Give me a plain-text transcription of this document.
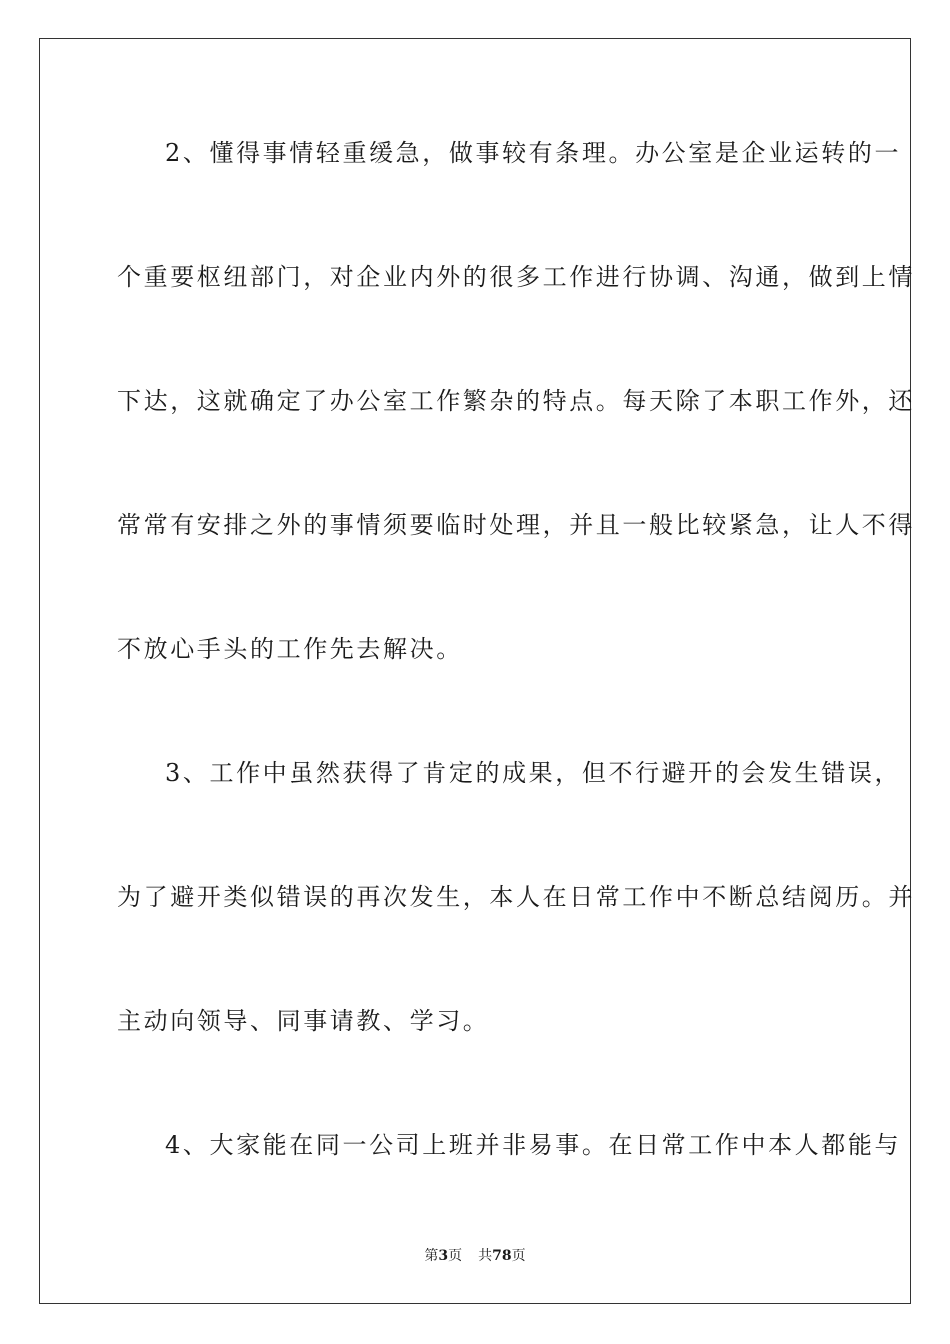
2、懂得事情轻重缓急，做事较有条理。办公室是企业运转的一
个重要枢纽部门，对企业内外的很多工作进行协调、沟通，做到上情
下达，这就确定了办公室工作繁杂的特点。每天除了本职工作外，还
常常有安排之外的事情须要临时处理，并且一般比较紧急，让人不得
不放心手头的工作先去解决。
3、工作中虽然获得了肯定的成果，但不行避开的会发生错误，
为了避开类似错误的再次发生，本人在日常工作中不断总结阅历。并
主动向领导、同事请教、学习。
4、大家能在同一公司上班并非易事。在日常工作中本人都能与
第3页 共78页
